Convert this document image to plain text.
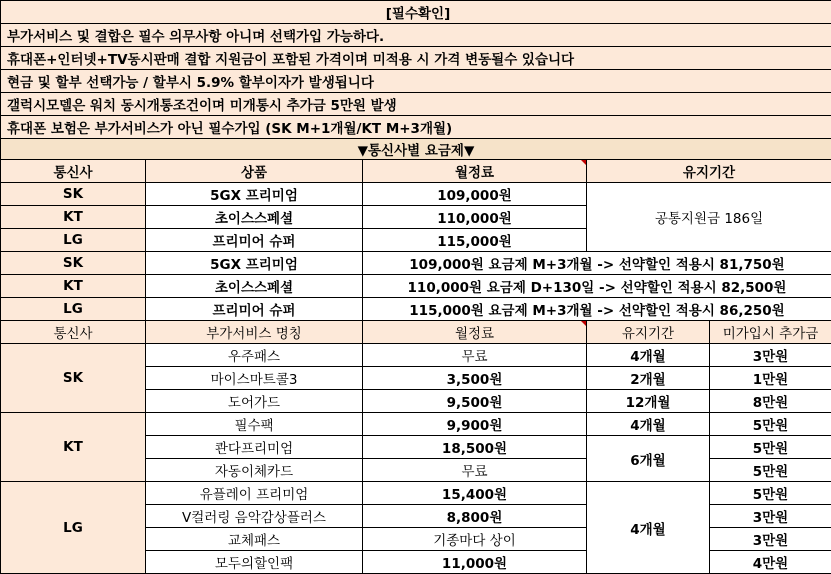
[필수확인]				
부가서비스 및 결합은 필수 의무사항 아니며 선택가입 가능하다.				
휴대폰+인터넷+TV동시판매 결합 지원금이 포함된 가격이며 미적용 시 가격 변동될수 있습니다				
현금 및 할부 선택가능 / 할부시 5.9% 할부이자가 발생됩니다				
갤럭시모델은 워치 동시개통조건이며 미개통시 추가금 5만원 발생				
휴대폰 보험은 부가서비스가 아닌 필수가입 (SK M+1개월/KT M+3개월)				
▼통신사별 요금제▼				
통신사	상품	월정료	유지기간	
SK	5GX 프리미엄	109,000원	공통지원금 186일	
KT	초이스스페셜	110,000원		
LG	프리미어 슈퍼	115,000원		
SK	5GX 프리미엄	109,000원 요금제 M+3개월 -> 선약할인 적용시 81,750원		
KT	초이스스페셜	110,000원 요금제 D+130일 -> 선약할인 적용시 82,500원		
LG	프리미어 슈퍼	115,000원 요금제 M+3개월 -> 선약할인 적용시 86,250원		
통신사	부가서비스 명칭	월정료	유지기간	미가입시 추가금
SK	우주패스	무료	4개월	3만원
	마이스마트콜3	3,500원	2개월	1만원
	도어가드	9,500원	12개월	8만원
KT	필수팩	9,900원	4개월	5만원
	콴다프리미엄	18,500원	6개월	5만원
	자동이체카드	무료		5만원
LG	유플레이 프리미엄	15,400원	4개월	5만원
	V컬러링 음악감상플러스	8,800원		3만원
	교체패스	기종마다 상이		3만원
	모두의할인팩	11,000원		4만원
